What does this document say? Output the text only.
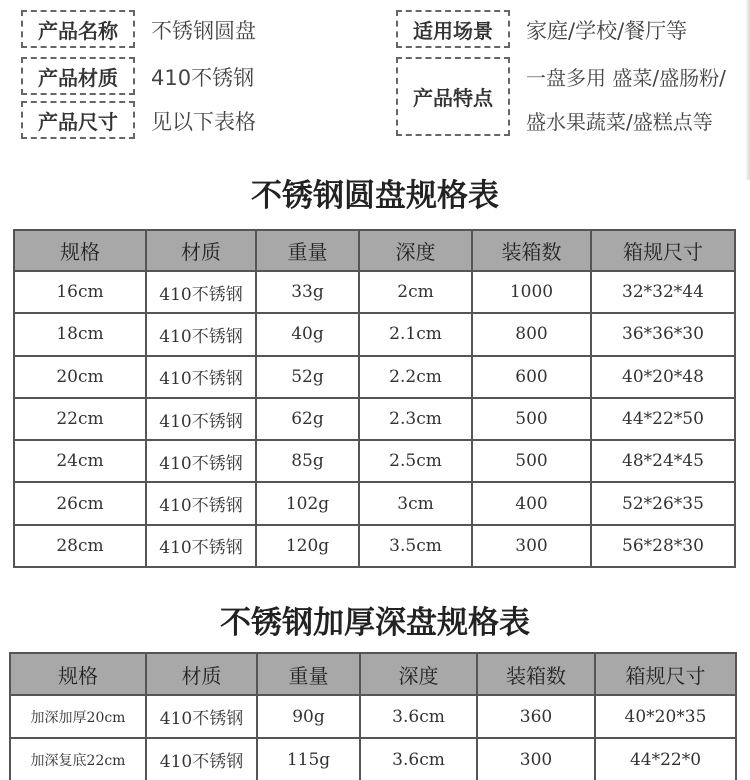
产品名称	不锈钢圆盘
产品材质	410不锈钢
产品尺寸	见以下表格
适用场景	家庭/学校/餐厅等
产品特点
一盘多用 盛菜/盛肠粉/
盛水果蔬菜/盛糕点等
不锈钢圆盘规格表
规格	材质	重量	深度	装箱数	箱规尺寸
16cm	410不锈钢	33g	2cm	1000	32*32*44
18cm	410不锈钢	40g	2.1cm	800	36*36*30
20cm	410不锈钢	52g	2.2cm	600	40*20*48
22cm	410不锈钢	62g	2.3cm	500	44*22*50
24cm	410不锈钢	85g	2.5cm	500	48*24*45
26cm	410不锈钢	102g	3cm	400	52*26*35
28cm	410不锈钢	120g	3.5cm	300	56*28*30
不锈钢加厚深盘规格表
规格	材质	重量	深度	装箱数	箱规尺寸
加深加厚20cm	410不锈钢	90g	3.6cm	360	40*20*35
加深复底22cm	410不锈钢	115g	3.6cm	300	44*22*0
